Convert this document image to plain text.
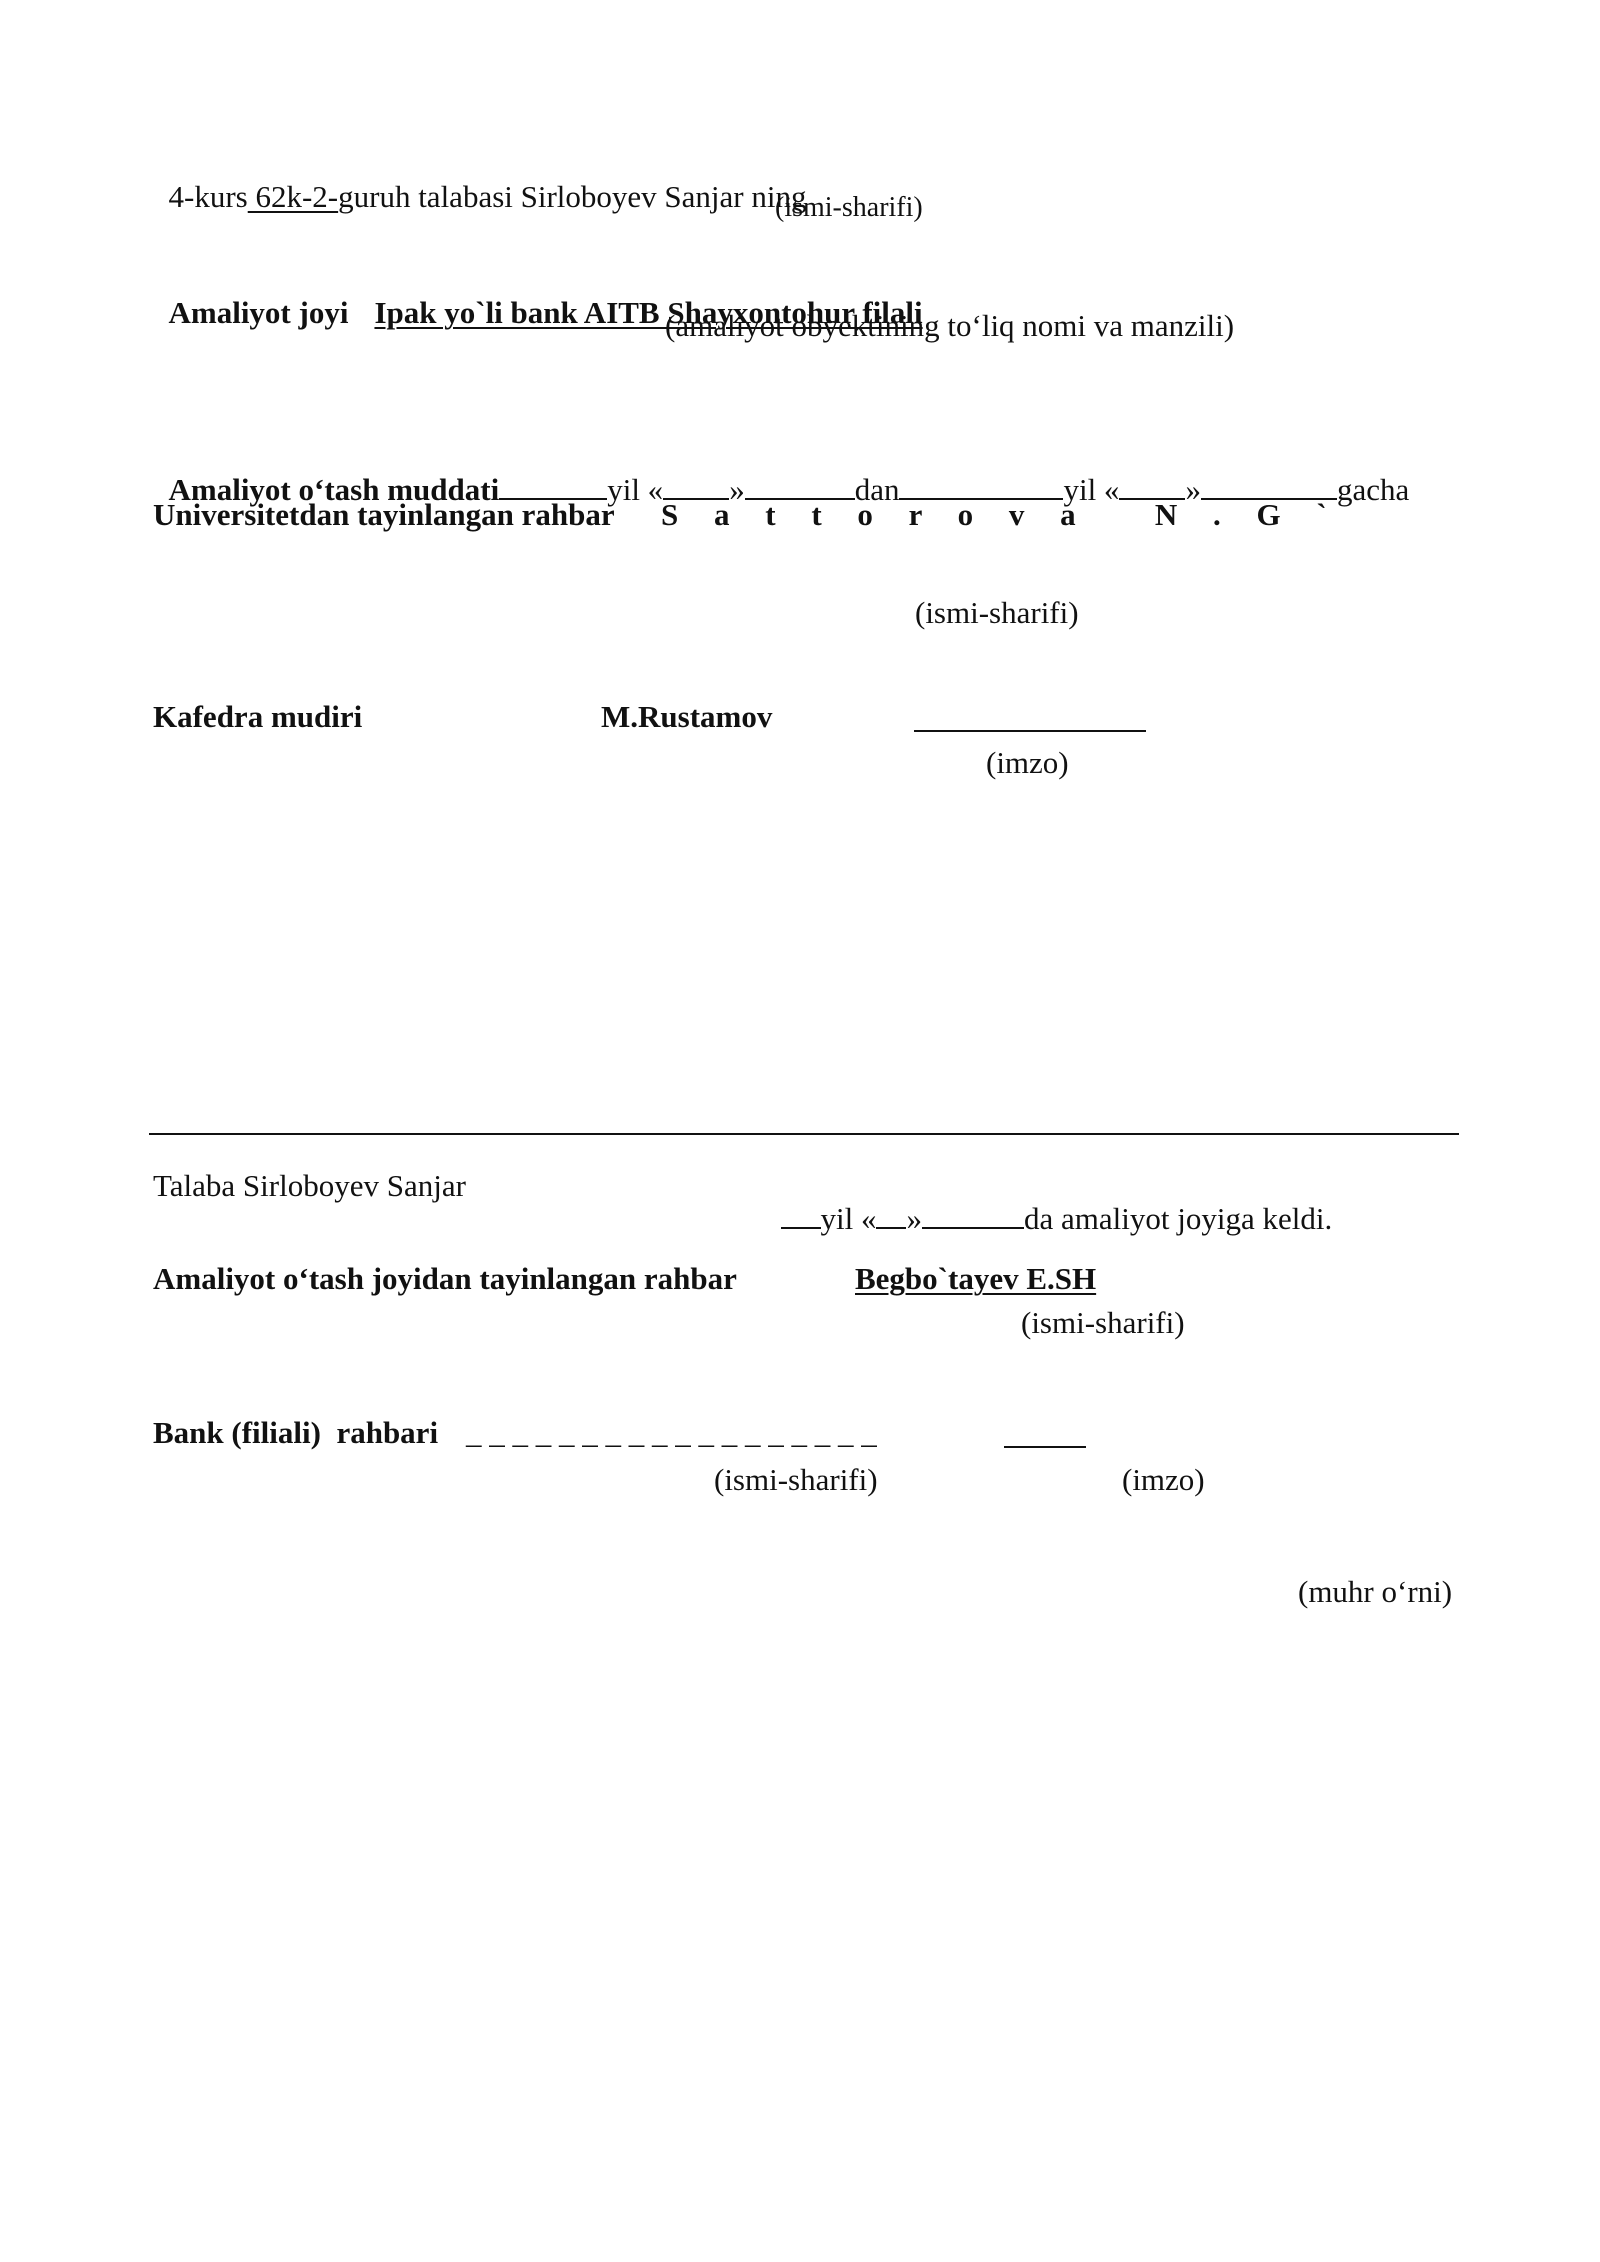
4-kurs 62k-2-guruh talabasi Sirloboyev Sanjar ning

(ismi-sharifi)

Amaliyot joyi Ipak yo`li bank AITB Shayxontohur filali

(amaliyot obyektining to‘liq nomi va manzili)

Amaliyot o‘tash muddati	yil « »	dan	yil « »	gacha

Universitetdan tayinlangan rahbar S a t t o r o v a   N . G `
(ismi-sharifi)
Kafedra mudiri	M.Rustamov
(imzo)
Talaba Sirloboyev Sanjar

yil « »	da amaliyot joyiga keldi.

Amaliyot o‘tash joyidan tayinlangan rahbar	Begbo`tayev E.SH
(ismi-sharifi)
Bank (filiali)  rahbari _ _ _ _ _ _ _ _ _ _ _ _ _ _ _ _ _ _
(ismi-sharifi)	(imzo)
(muhr o‘rni)
